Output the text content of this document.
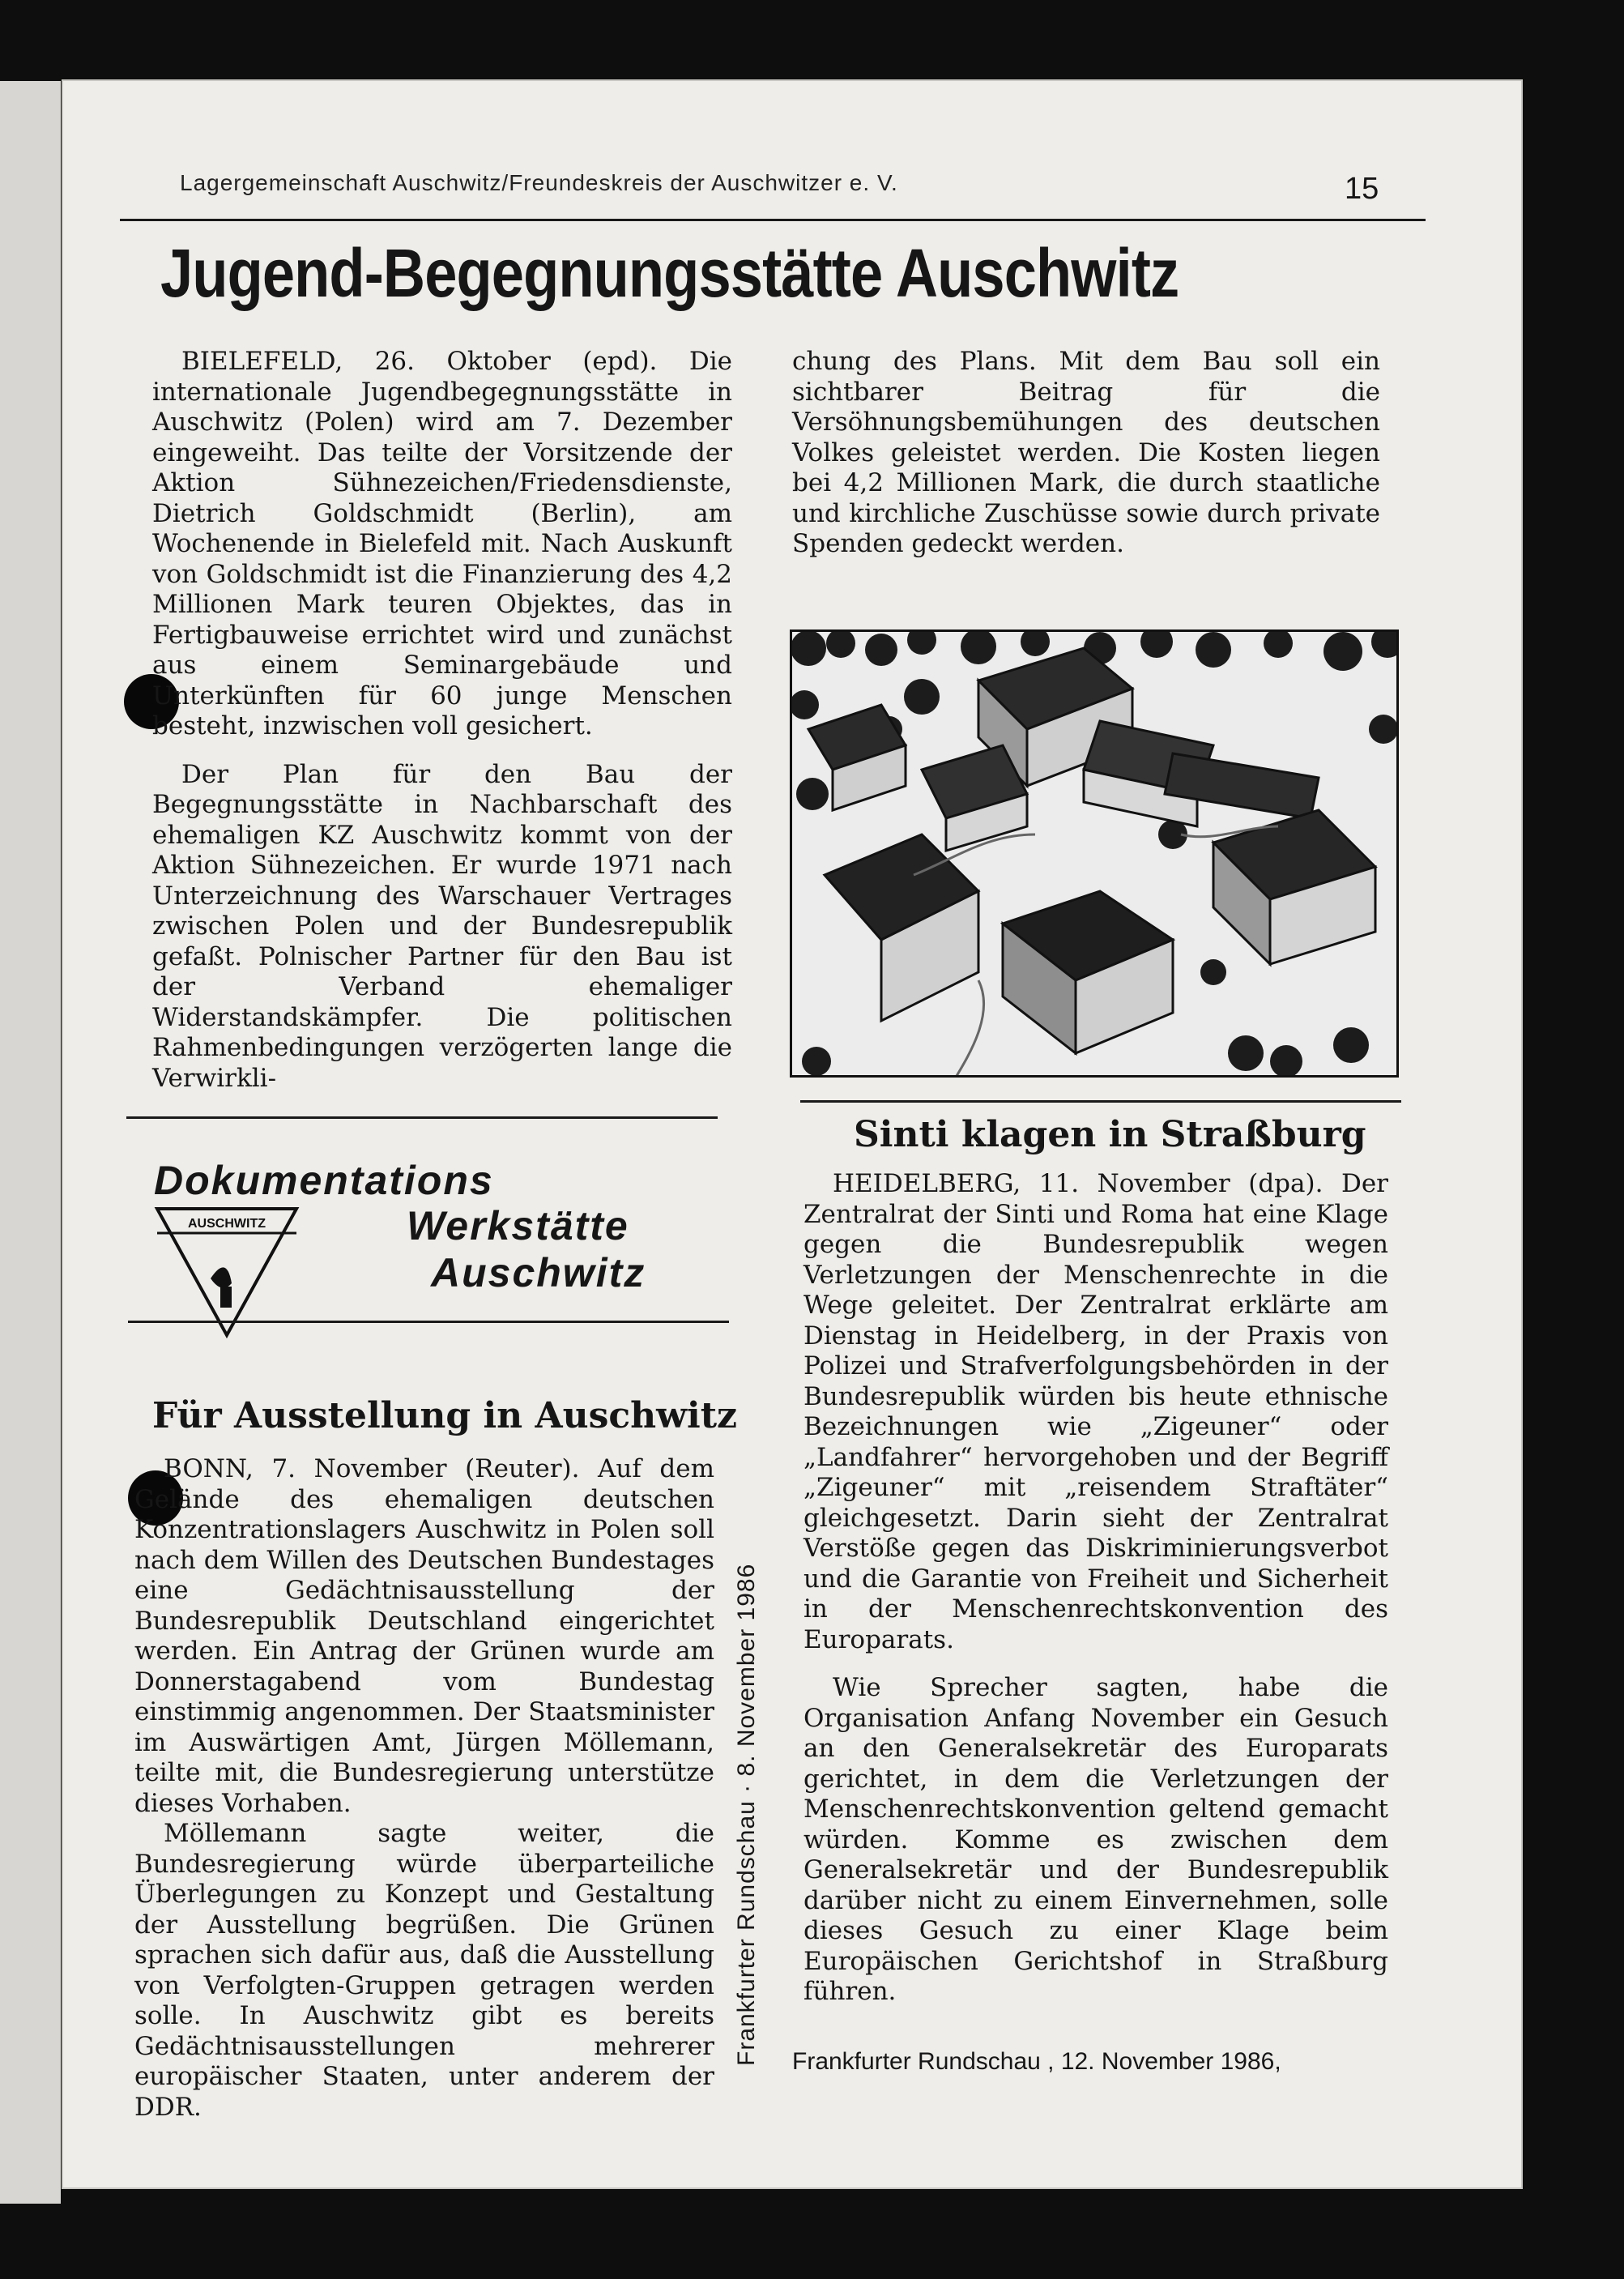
Lagergemeinschaft Auschwitz/Freundeskreis der Auschwitzer e. V.	15
Jugend-Begegnungsstätte Auschwitz

BIELEFELD, 26. Oktober (epd). Die internationale Jugendbegegnungsstätte in Auschwitz (Polen) wird am 7. Dezember eingeweiht. Das teilte der Vorsitzende der Aktion Sühnezeichen/Friedensdienste, Dietrich Goldschmidt (Berlin), am Wochenende in Bielefeld mit. Nach Auskunft von Goldschmidt ist die Finanzierung des 4,2 Millionen Mark teuren Objektes, das in Fertigbauweise errichtet wird und zunächst aus einem Seminargebäude und Unterkünften für 60 junge Menschen besteht, inzwischen voll gesichert.

Der Plan für den Bau der Begegnungsstätte in Nachbarschaft des ehemaligen KZ Auschwitz kommt von der Aktion Sühnezeichen. Er wurde 1971 nach Unterzeichnung des Warschauer Vertrages zwischen Polen und der Bundesrepublik gefaßt. Polnischer Partner für den Bau ist der Verband ehemaliger Widerstandskämpfer. Die politischen Rahmenbedingungen verzögerten lange die Verwirkli-

chung des Plans. Mit dem Bau soll ein sichtbarer Beitrag für die Versöhnungsbemühungen des deutschen Volkes geleistet werden. Die Kosten liegen bei 4,2 Millionen Mark, die durch staatliche und kirchliche Zuschüsse sowie durch private Spenden gedeckt werden.

Dokumentations
Werkstätte
Auschwitz
AUSCHWITZ
Für Ausstellung in Auschwitz

BONN, 7. November (Reuter). Auf dem Gelände des ehemaligen deutschen Konzentrationslagers Auschwitz in Polen soll nach dem Willen des Deutschen Bundestages eine Gedächtnisausstellung der Bundesrepublik Deutschland eingerichtet werden. Ein Antrag der Grünen wurde am Donnerstagabend vom Bundestag einstimmig angenommen. Der Staatsminister im Auswärtigen Amt, Jürgen Möllemann, teilte mit, die Bundesregierung unterstütze dieses Vorhaben.

Möllemann sagte weiter, die Bundesregierung würde überparteiliche Überlegungen zu Konzept und Gestaltung der Ausstellung begrüßen. Die Grünen sprachen sich dafür aus, daß die Ausstellung von Verfolgten-Gruppen getragen werden solle. In Auschwitz gibt es bereits Gedächtnisausstellungen mehrerer europäischer Staaten, unter anderem der DDR.

Frankfurter Rundschau · 8. November 1986
Sinti klagen in Straßburg

HEIDELBERG, 11. November (dpa). Der Zentralrat der Sinti und Roma hat eine Klage gegen die Bundesrepublik wegen Verletzungen der Menschenrechte in die Wege geleitet. Der Zentralrat erklärte am Dienstag in Heidelberg, in der Praxis von Polizei und Strafverfolgungsbehörden in der Bundesrepublik würden bis heute ethnische Bezeichnungen wie „Zigeuner“ oder „Landfahrer“ hervorgehoben und der Begriff „Zigeuner“ mit „reisendem Straftäter“ gleichgesetzt. Darin sieht der Zentralrat Verstöße gegen das Diskriminierungsverbot und die Garantie von Freiheit und Sicherheit in der Menschenrechtskonvention des Europarats.

Wie Sprecher sagten, habe die Organisation Anfang November ein Gesuch an den Generalsekretär des Europarats gerichtet, in dem die Verletzungen der Menschenrechtskonvention geltend gemacht würden. Komme es zwischen dem Generalsekretär und der Bundesrepublik darüber nicht zu einem Einvernehmen, solle dieses Gesuch zu einer Klage beim Europäischen Gerichtshof in Straßburg führen.

Frankfurter Rundschau , 12. November 1986,
